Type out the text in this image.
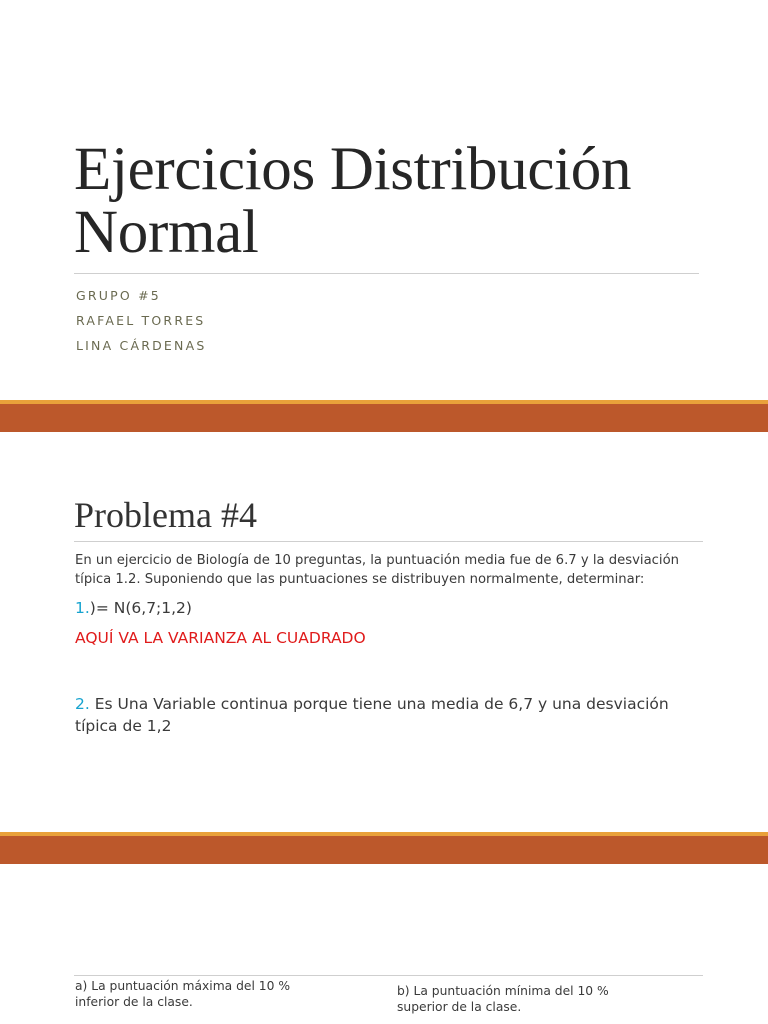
Ejercicios Distribución Normal
GRUPO #5
RAFAEL TORRES
LINA CÁRDENAS
Problema #4
En un ejercicio de Biología de 10 preguntas, la puntuación media fue de 6.7 y la desviación típica 1.2. Suponiendo que las puntuaciones se distribuyen normalmente, determinar:
1.)= N(6,7;1,2)
AQUÍ VA LA VARIANZA AL CUADRADO
2. Es Una Variable continua porque tiene una media de 6,7 y una desviación típica de 1,2
a) La puntuación máxima del 10 % inferior de la clase.
b) La puntuación mínima del 10 % superior de la clase.
